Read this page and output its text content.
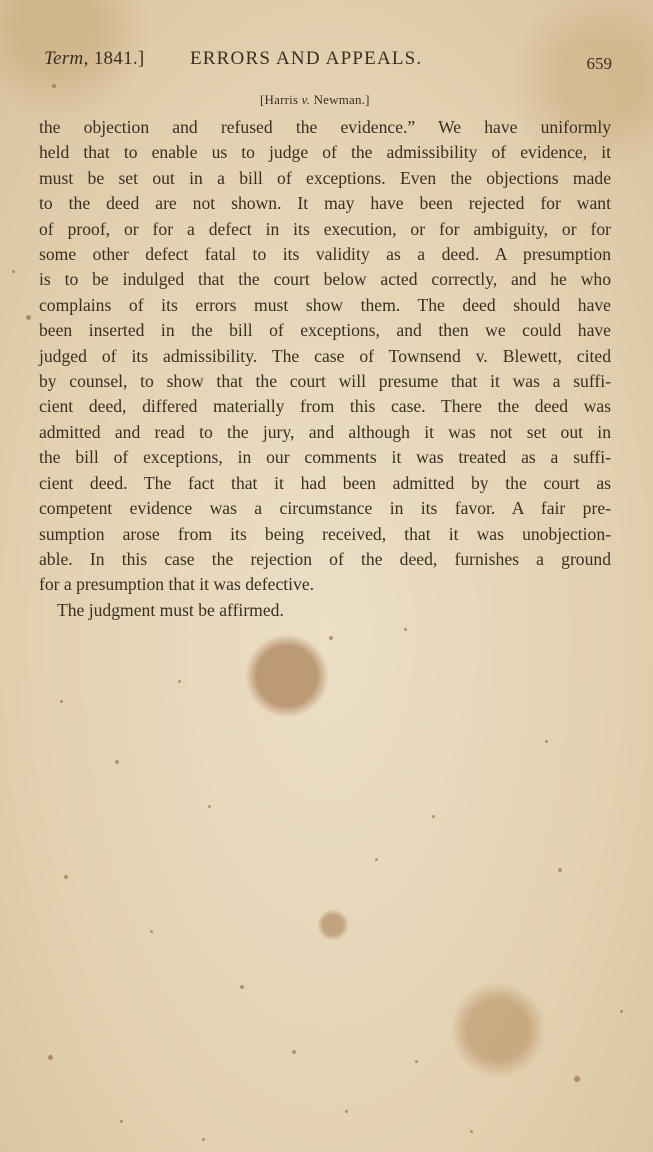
Term, 1841.] ERRORS AND APPEALS.	659
[Harris v. Newman.]
the objection and refused the evidence.” We have uniformly
held that to enable us to judge of the admissibility of evidence, it
must be set out in a bill of exceptions. Even the objections made
to the deed are not shown. It may have been rejected for want
of proof, or for a defect in its execution, or for ambiguity, or for
some other defect fatal to its validity as a deed. A presumption
is to be indulged that the court below acted correctly, and he who
complains of its errors must show them. The deed should have
been inserted in the bill of exceptions, and then we could have
judged of its admissibility. The case of Townsend v. Blewett, cited
by counsel, to show that the court will presume that it was a suffi-
cient deed, differed materially from this case. There the deed was
admitted and read to the jury, and although it was not set out in
the bill of exceptions, in our comments it was treated as a suffi-
cient deed. The fact that it had been admitted by the court as
competent evidence was a circumstance in its favor. A fair pre-
sumption arose from its being received, that it was unobjection-
able. In this case the rejection of the deed, furnishes a ground
for a presumption that it was defective.
The judgment must be affirmed.
